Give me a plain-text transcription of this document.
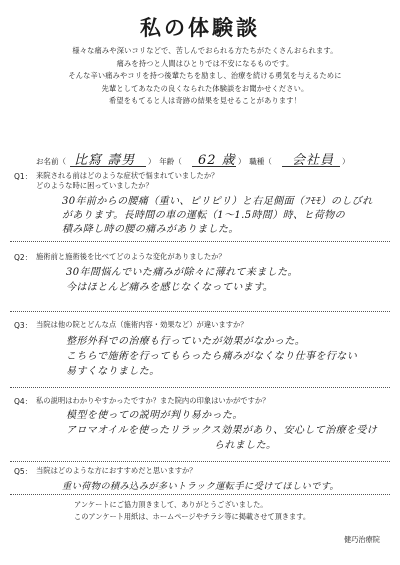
私の体験談
様々な痛みや深いコリなどで、苦しんでおられる方たちがたくさんおられます。
痛みを持つと人間はひとりでは不安になるものです。
そんな辛い痛みやコリを持つ後輩たちを励まし、治療を続ける勇気を与えるために
先輩としてあなたの良くなられた体験談をお聞かせください。
希望をもてると人は奇跡の結果を見せることがあります！
お名前（ 比寫 壽男 ）　年齢（ 62 歳 ）　職種（ 会社員 ）
Q1： 来院される前はどのような症状で悩まれていましたか？
どのような時に困っていましたか？
30年前からの腰痛（重い、ピリピリ）と右足側面（ﾌﾓﾓ）のしびれ
があります。長時間の車の運転（1〜1.5時間）時、ヒ荷物の
積み降し時の腰の痛みがありました。
Q2： 施術前と施術後を比べてどのような変化がありましたか？
30年間悩んでいた痛みが除々に薄れて来ました。
今はほとんど痛みを感じなくなっています。
Q3： 当院は他の院とどんな点（施術内容・効果など）が違いますか？
整形外科での治療も行っていたが効果がなかった。
こちらで施術を行ってもらったら痛みがなくなり仕事を行ない
易すくなりました。
Q4： 私の説明はわかりやすかったですか？また院内の印象はいかがですか？
模型を使っての説明が判り易かった。
アロマオイルを使ったリラックス効果があり、安心して治療を受け
られました。
Q5： 当院はどのような方におすすめだと思いますか？
重い荷物の積み込みが多いトラック運転手に受けてほしいです。
アンケートにご協力頂きまして、ありがとうございました。
このアンケート用紙は、ホームページやチラシ等に掲載させて頂きます。
健巧治療院
